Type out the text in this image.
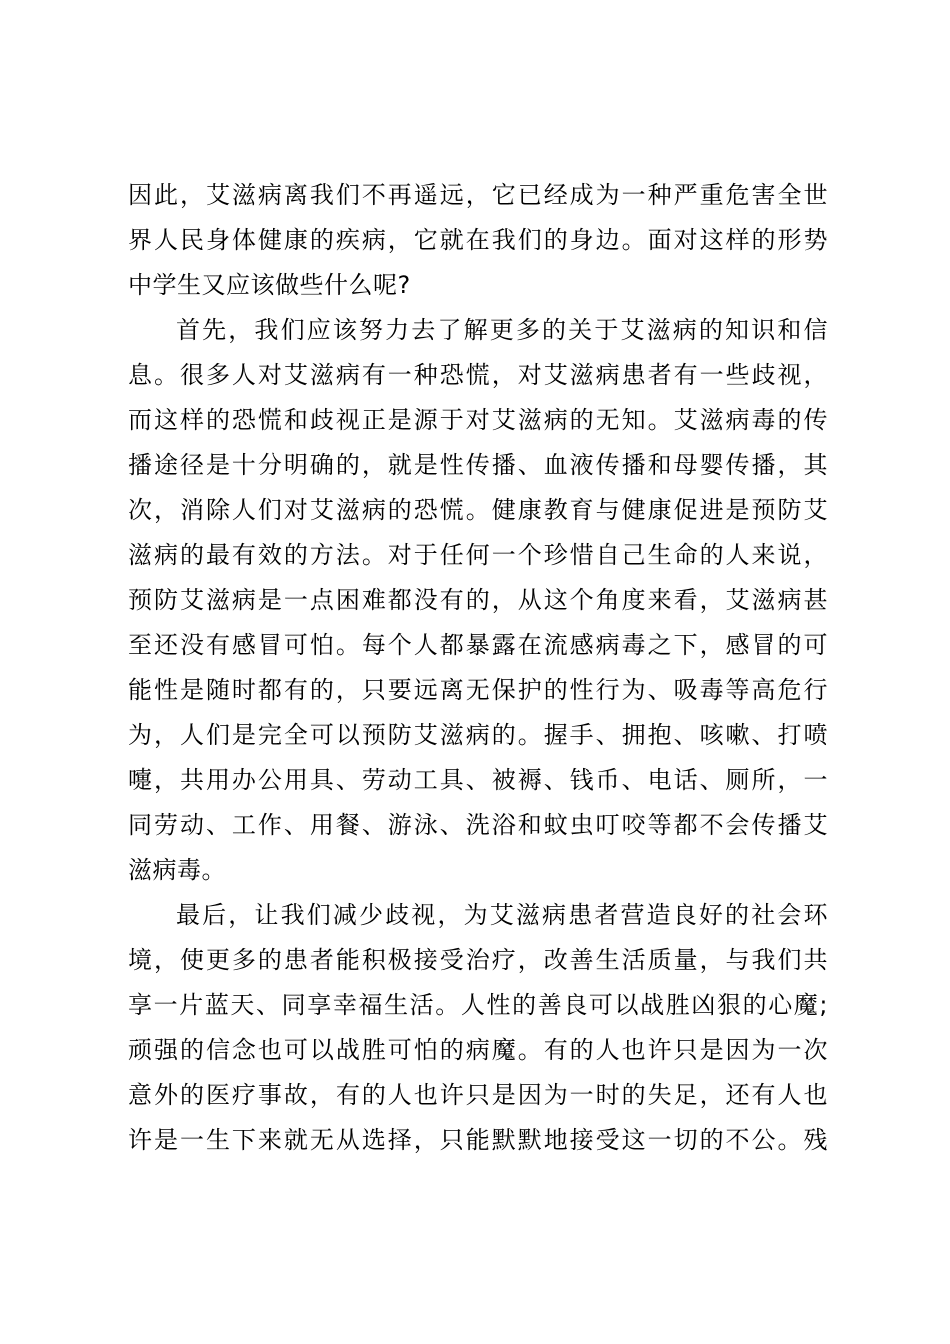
因此，艾滋病离我们不再遥远，它已经成为一种严重危害全世
界人民身体健康的疾病，它就在我们的身边。面对这样的形势
中学生又应该做些什么呢?
首先，我们应该努力去了解更多的关于艾滋病的知识和信
息。很多人对艾滋病有一种恐慌，对艾滋病患者有一些歧视，
而这样的恐慌和歧视正是源于对艾滋病的无知。艾滋病毒的传
播途径是十分明确的，就是性传播、血液传播和母婴传播，其
次，消除人们对艾滋病的恐慌。健康教育与健康促进是预防艾
滋病的最有效的方法。对于任何一个珍惜自己生命的人来说，
预防艾滋病是一点困难都没有的，从这个角度来看，艾滋病甚
至还没有感冒可怕。每个人都暴露在流感病毒之下，感冒的可
能性是随时都有的，只要远离无保护的性行为、吸毒等高危行
为，人们是完全可以预防艾滋病的。握手、拥抱、咳嗽、打喷
嚏，共用办公用具、劳动工具、被褥、钱币、电话、厕所，一
同劳动、工作、用餐、游泳、洗浴和蚊虫叮咬等都不会传播艾
滋病毒。
最后，让我们减少歧视，为艾滋病患者营造良好的社会环
境，使更多的患者能积极接受治疗，改善生活质量，与我们共
享一片蓝天、同享幸福生活。人性的善良可以战胜凶狠的心魔;
顽强的信念也可以战胜可怕的病魔。有的人也许只是因为一次
意外的医疗事故，有的人也许只是因为一时的失足，还有人也
许是一生下来就无从选择，只能默默地接受这一切的不公。残
